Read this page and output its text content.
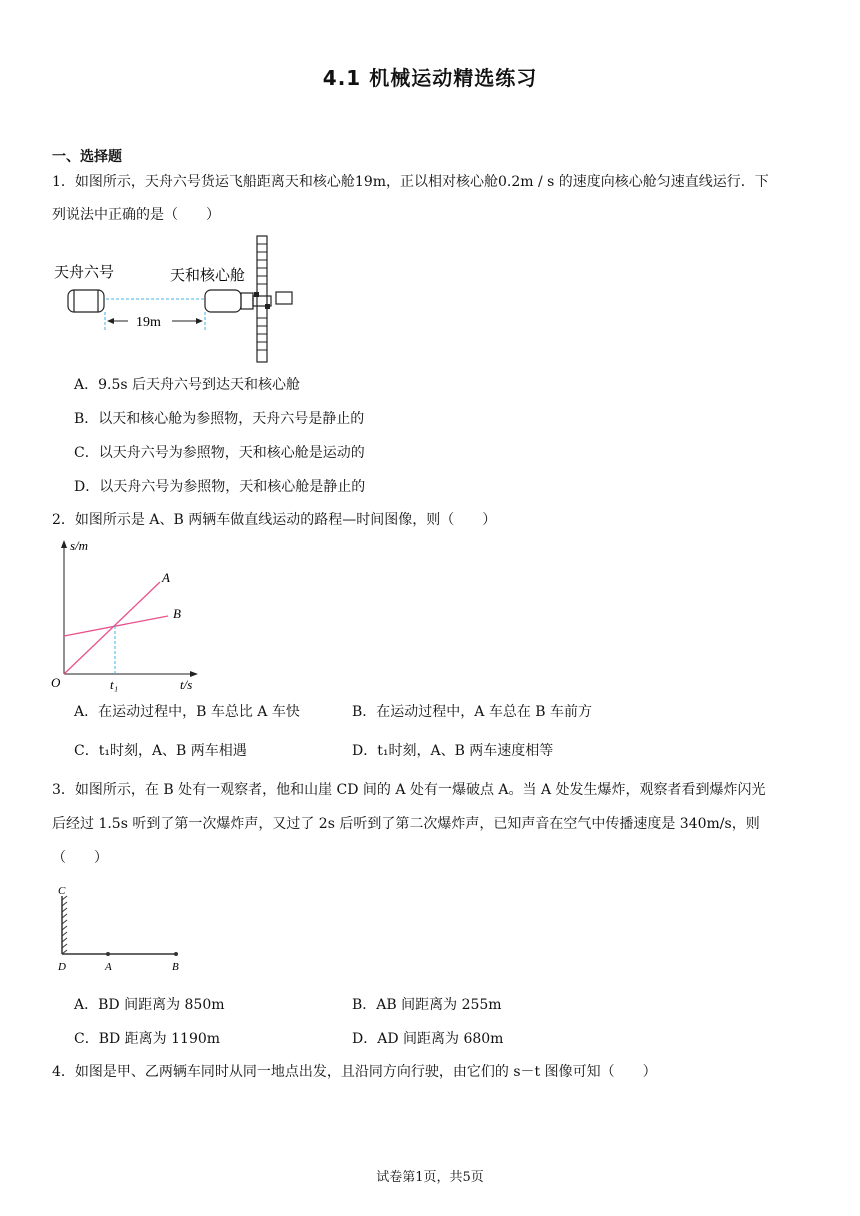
4.1 机械运动精选练习
一、选择题
1．如图所示，天舟六号货运飞船距离天和核心舱19m，正以相对核心舱0.2m / s 的速度向核心舱匀速直线运行．下
列说法中正确的是（　　）
天舟六号	天和核心舱
19m
A．9.5s 后天舟六号到达天和核心舱
B．以天和核心舱为参照物，天舟六号是静止的
C．以天舟六号为参照物，天和核心舱是运动的
D．以天舟六号为参照物，天和核心舱是静止的
2．如图所示是 A、B 两辆车做直线运动的路程—时间图像，则（　　）
s/m
t/s
O
A
B
t₁
A．在运动过程中，B 车总比 A 车快	B．在运动过程中，A 车总在 B 车前方
C．t₁时刻，A、B 两车相遇	D．t₁时刻，A、B 两车速度相等
3．如图所示，在 B 处有一观察者，他和山崖 CD 间的 A 处有一爆破点 A。当 A 处发生爆炸，观察者看到爆炸闪光
后经过 1.5s 听到了第一次爆炸声，又过了 2s 后听到了第二次爆炸声，已知声音在空气中传播速度是 340m/s，则
（　　）
C
D	A	B
A．BD 间距离为 850m	B．AB 间距离为 255m
C．BD 距离为 1190m	D．AD 间距离为 680m
4．如图是甲、乙两辆车同时从同一地点出发，且沿同方向行驶，由它们的 s－t 图像可知（　　）
试卷第1页，共5页
